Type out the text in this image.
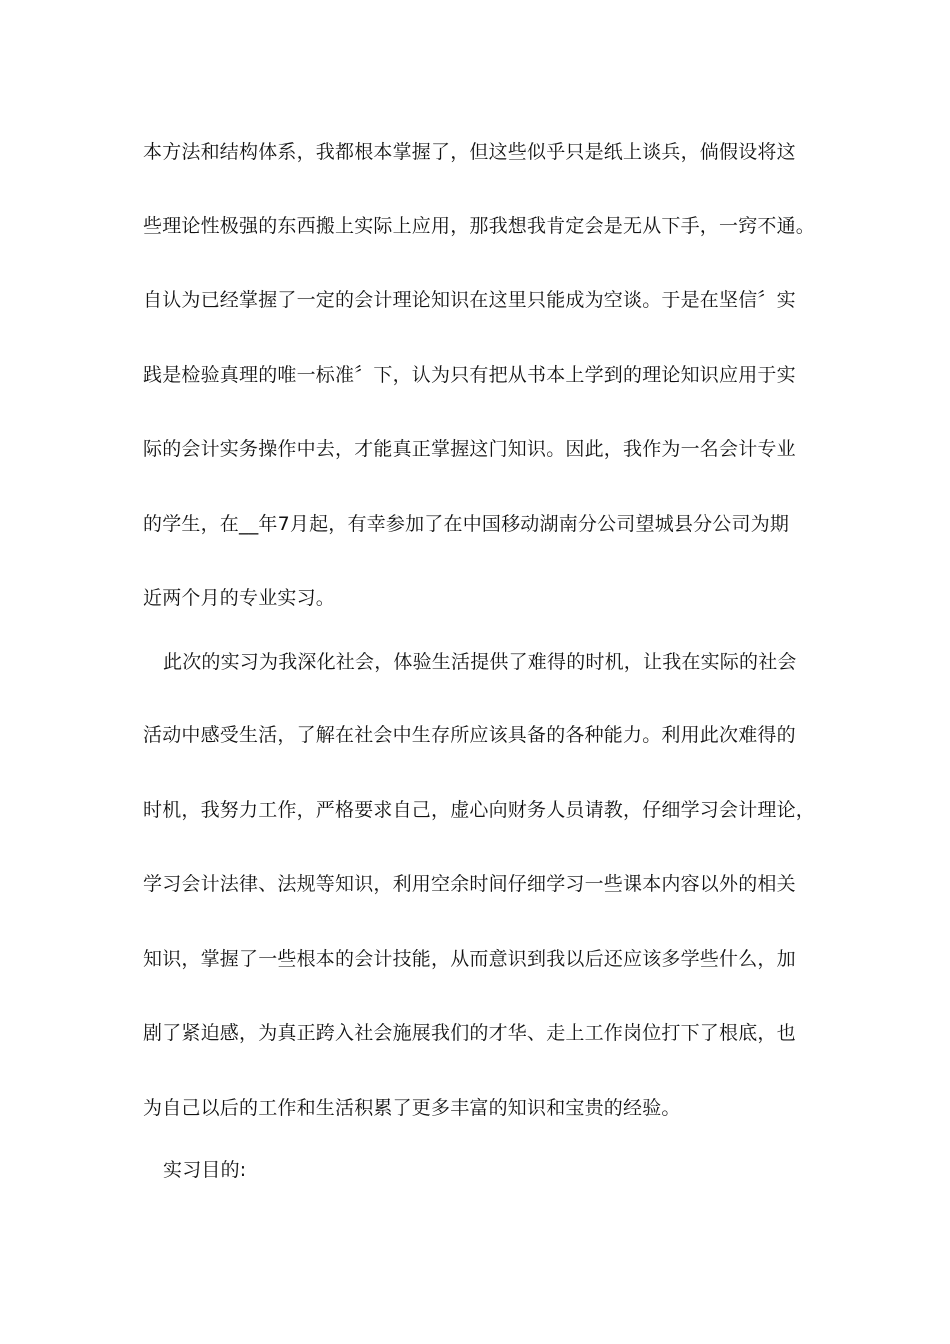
本方法和结构体系，我都根本掌握了，但这些似乎只是纸上谈兵，倘假设将这
些理论性极强的东西搬上实际上应用，那我想我肯定会是无从下手，一窍不通。
自认为已经掌握了一定的会计理论知识在这里只能成为空谈。于是在坚信〞实
践是检验真理的唯一标准〞下，认为只有把从书本上学到的理论知识应用于实
际的会计实务操作中去，才能真正掌握这门知识。因此，我作为一名会计专业
的学生，在__年7月起，有幸参加了在中国移动湖南分公司望城县分公司为期
近两个月的专业实习。
此次的实习为我深化社会，体验生活提供了难得的时机，让我在实际的社会
活动中感受生活，了解在社会中生存所应该具备的各种能力。利用此次难得的
时机，我努力工作，严格要求自己，虚心向财务人员请教，仔细学习会计理论，
学习会计法律、法规等知识，利用空余时间仔细学习一些课本内容以外的相关
知识，掌握了一些根本的会计技能，从而意识到我以后还应该多学些什么，加
剧了紧迫感，为真正跨入社会施展我们的才华、走上工作岗位打下了根底，也
为自己以后的工作和生活积累了更多丰富的知识和宝贵的经验。
实习目的:
